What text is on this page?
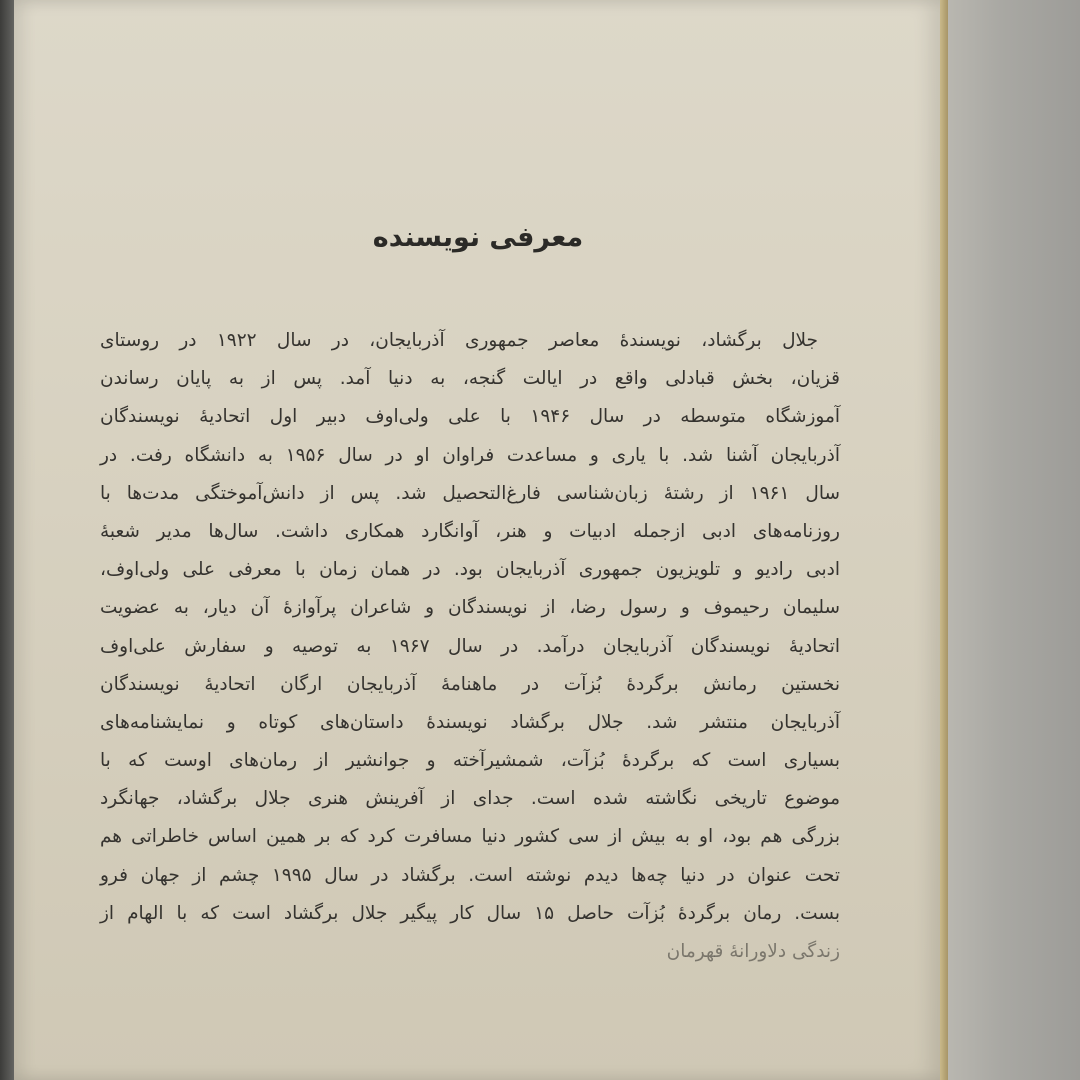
معرفی نویسنده
جلال برگشاد، نویسندهٔ معاصر جمهوری آذربایجان، در سال ۱۹۲۲ در روستای
قزیان، بخش قبادلی واقع در ایالت گنجه، به دنیا آمد. پس از به پایان رساندن
آموزشگاه متوسطه در سال ۱۹۴۶ با علی ولی‌اوف دبیر اول اتحادیهٔ نویسندگان
آذربایجان آشنا شد. با یاری و مساعدت فراوان او در سال ۱۹۵۶ به دانشگاه رفت. در
سال ۱۹۶۱ از رشتهٔ زبان‌شناسی فارغ‌التحصیل شد. پس از دانش‌آموختگی مدت‌ها با
روزنامه‌های ادبی ازجمله ادبیات و هنر، آوانگارد همکاری داشت. سال‌ها مدیر شعبهٔ
ادبی رادیو و تلویزیون جمهوری آذربایجان بود. در همان زمان با معرفی علی ولی‌اوف،
سلیمان رحیموف و رسول رضا، از نویسندگان و شاعران پرآوازهٔ آن دیار، به عضویت
اتحادیهٔ نویسندگان آذربایجان درآمد. در سال ۱۹۶۷ به توصیه و سفارش علی‌اوف
نخستین رمانش برگردهٔ بُزآت در ماهنامهٔ آذربایجان ارگان اتحادیهٔ نویسندگان
آذربایجان منتشر شد. جلال برگشاد نویسندهٔ داستان‌های کوتاه و نمایشنامه‌های
بسیاری است که برگردهٔ بُزآت، شمشیرآخته و جوانشیر از رمان‌های اوست که با
موضوع تاریخی نگاشته شده است. جدای از آفرینش هنری جلال برگشاد، جهانگرد
بزرگی هم بود، او به بیش از سی کشور دنیا مسافرت کرد که بر همین اساس خاطراتی هم
تحت عنوان در دنیا چه‌ها دیدم نوشته است. برگشاد در سال ۱۹۹۵ چشم از جهان فرو
بست. رمان برگردهٔ بُزآت حاصل ۱۵ سال کار پیگیر جلال برگشاد است که با الهام از
زندگی دلاورانهٔ قهرمان
